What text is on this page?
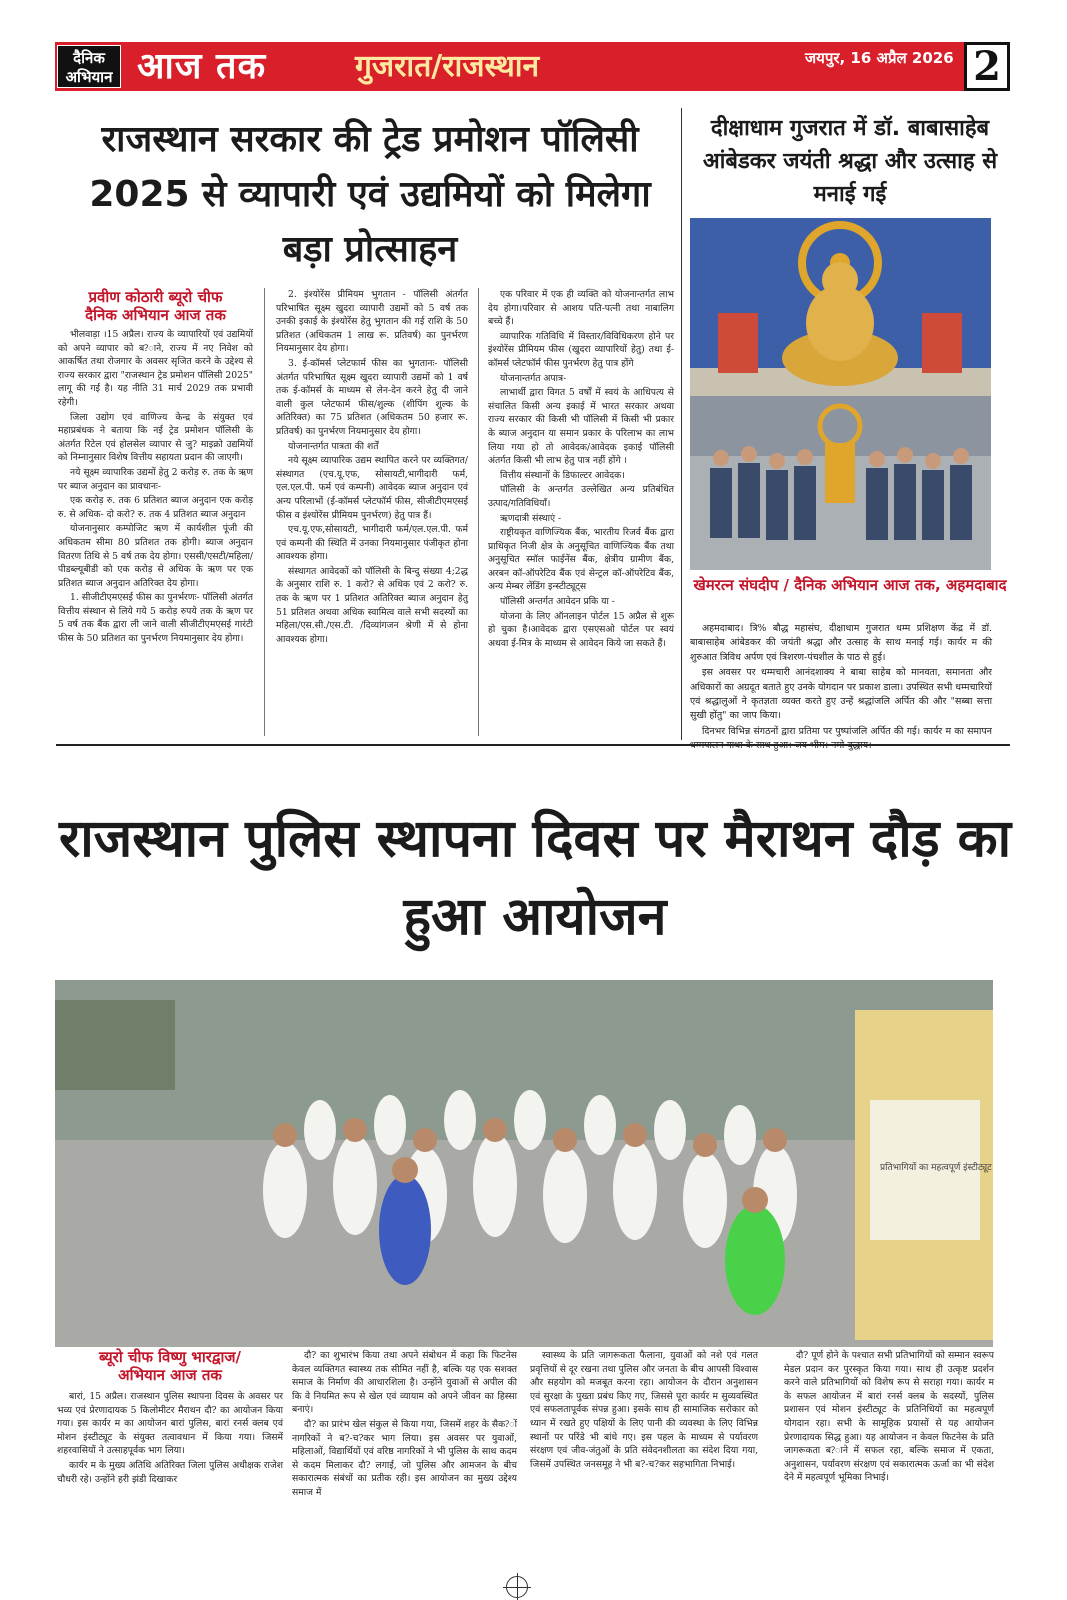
दैनिक
अभियान आज तक	गुजरात/राजस्थान	जयपुर, 16 अप्रैल 2026 2
राजस्थान सरकार की ट्रेड प्रमोशन पॉलिसी 2025 से व्यापारी एवं उद्यमियों को मिलेगा बड़ा प्रोत्साहन
प्रवीण कोठारी ब्यूरो चीफ
दैनिक अभियान आज तक

भीलवाड़ा ।15 अप्रैल। राज्य के व्यापारियों एवं उद्यमियों को अपने व्यापार को ब?ाने, राज्य में नए निवेश को आकर्षित तथा रोजगार के अवसर सृजित करने के उद्देश्य से राज्य सरकार द्वारा "राजस्थान ट्रेड प्रमोशन पॉलिसी 2025" लागू की गई है। यह नीति 31 मार्च 2029 तक प्रभावी रहेगी।

जिला उद्योग एवं वाणिज्य केन्द्र के संयुक्त एवं महाप्रबंधक ने बताया कि नई ट्रेड प्रमोशन पॉलिसी के अंतर्गत रिटेल एवं होलसेल व्यापार से जु? माइक्रो उद्यमियों को निम्नानुसार विशेष वित्तीय सहायता प्रदान की जाएगी।

नये सूक्ष्म व्यापारिक उद्यमों हेतु 2 करोड़ रु. तक के ऋण पर ब्याज अनुदान का प्रावधानः-

एक करोड़ रु. तक 6 प्रतिशत ब्याज अनुदान एक करोड़ रु. से अधिक- दो करो? रु. तक 4 प्रतिशत ब्याज अनुदान

योजनानुसार कम्पोजिट ऋण में कार्यशील पूंजी की अधिकतम सीमा 80 प्रतिशत तक होगी। ब्याज अनुदान वितरण तिथि से 5 वर्ष तक देय होगा। एससी/एसटी/महिला/पीडब्ल्यूबीडी को एक करोड़ से अधिक के ऋण पर एक प्रतिशत ब्याज अनुदान अतिरिक्त देय होगा।

1. सीजीटीएमएसई फीस का पुनर्भरणः- पॉलिसी अंतर्गत वित्तीय संस्थान से लिये गये 5 करोड़ रुपये तक के ऋण पर 5 वर्ष तक बैंक द्वारा ली जाने वाली सीजीटीएमएसई गारंटी फीस के 50 प्रतिशत का पुनर्भरण नियमानुसार देय होगा।

2. इंश्योरेंस प्रीमियम भुगतान - पॉलिसी अंतर्गत परिभाषित सूक्ष्म खुदरा व्यापारी उद्यमों को 5 वर्ष तक उनकी इकाई के इंश्योरेंस हेतु भुगतान की गई राशि के 50 प्रतिशत (अधिकतम 1 लाख रू. प्रतिवर्ष) का पुनर्भरण नियमानुसार देय होगा।

3. ई-कॉमर्स प्लेटफार्म फीस का भुगतानः- पॉलिसी अंतर्गत परिभाषित सूक्ष्म खुदरा व्यापारी उद्यमों को 1 वर्ष तक ई-कॉमर्स के माध्यम से लेन-देन करने हेतु दी जाने वाली कुल प्लेटफार्म फीस/शुल्क (शीपिंग शुल्क के अतिरिक्त) का 75 प्रतिशत (अधिकतम 50 हजार रू. प्रतिवर्ष) का पुनर्भरण नियमानुसार देय होगा।

योजनान्तर्गत पात्रता की शर्तें

नये सूक्ष्म व्यापारिक उद्यम स्थापित करने पर व्यक्तिगत/संस्थागत (एच.यू.एफ, सोसायटी,भागीदारी फर्म, एल.एल.पी. फर्म एवं कम्पनी) आवेदक ब्याज अनुदान एवं अन्य परिलाभों (ई-कॉमर्स प्लेटफॉर्म फीस, सीजीटीएमएसई फीस व इंश्योरेंस प्रीमियम पुनर्भरण) हेतु पात्र हैं।

एच.यू.एफ,सोसायटी, भागीदारी फर्म/एल.एल.पी. फर्म एवं कम्पनी की स्थिति में उनका नियमानुसार पंजीकृत होना आवश्यक होगा।

संस्थागत आवेदकों को पॉलिसी के बिन्दु संख्या 4;2द्ध के अनुसार राशि रु. 1 करो? से अधिक एवं 2 करो? रु. तक के ऋण पर 1 प्रतिशत अतिरिक्त ब्याज अनुदान हेतु 51 प्रतिशत अथवा अधिक स्वामित्व वाले सभी सदस्यों का महिला/एस.सी./एस.टी. /दिव्यांगजन श्रेणी में से होना आवश्यक होगा।

एक परिवार में एक ही व्यक्ति को योजनान्तर्गत लाभ देय होगा।परिवार से आशय पति-पत्नी तथा नाबालिग बच्चे हैं।

व्यापारिक गतिविधि में विस्तार/विविधिकरण होने पर इंश्योरेंस प्रीमियम फीस (खुदरा व्यापारियों हेतु) तथा ई-कॉमर्स प्लेटफॉर्म फीस पुनर्भरण हेतु पात्र होंगे

योजनान्तर्गत अपात्र-

लाभार्थी द्वारा विगत 5 वर्षों में स्वयं के आधिपत्य से संचालित किसी अन्य इकाई में भारत सरकार अथवा राज्य सरकार की किसी भी पॉलिसी में किसी भी प्रकार के ब्याज अनुदान या समान प्रकार के परिलाभ का लाभ लिया गया हो तो आवेदक/आवेदक इकाई पॉलिसी अंतर्गत किसी भी लाभ हेतु पात्र नहीं होंगे ।

वित्तीय संस्थानों के डिफाल्टर आवेदक।

पॉलिसी के अन्तर्गत उल्लेखित अन्य प्रतिबंधित उत्पाद/गतिविधियाँ।

ऋणदात्री संस्थाएं -

राष्ट्रीयकृत वाणिज्यिक बैंक, भारतीय रिजर्व बैंक द्वारा प्राधिकृत निजी क्षेत्र के अनुसूचित वाणिज्यिक बैंक तथा अनुसूचित स्मॉल फाईनेंस बैंक, क्षेत्रीय ग्रामीण बैंक, अरबन कॉ-ऑपरेटिव बैंक एवं सेन्ट्रल कॉ-ऑपरेटिव बैंक, अन्य मेम्बर लेंडिंग इन्स्टीट्यूट्स

पॉलिसी अन्तर्गत आवेदन प्रकि या -

योजना के लिए ऑनलाइन पोर्टल 15 अप्रैल से शुरू हो चुका है।आवेदक द्वारा एसएसओ पोर्टल पर स्वयं अथवा ई-मित्र के माध्यम से आवेदन किये जा सकते हैं।

दीक्षाधाम गुजरात में डॉ. बाबासाहेब आंबेडकर जयंती श्रद्धा और उत्साह से मनाई गई
खेमरत्न संघदीप / दैनिक अभियान आज तक, अहमदाबाद

अहमदाबाद। त्रि% बौद्ध महासंघ, दीक्षाधाम गुजरात धम्म प्रशिक्षण केंद्र में डॉ. बाबासाहेब आंबेडकर की जयंती श्रद्धा और उत्साह के साथ मनाई गई। कार्यर म की शुरुआत त्रिविध अर्पण एवं त्रिशरण-पंचशील के पाठ से हुई।

इस अवसर पर धम्मचारी आनंदशाक्य ने बाबा साहेब को मानवता, समानता और अधिकारों का अग्रदूत बताते हुए उनके योगदान पर प्रकाश डाला। उपस्थित सभी धम्मचारियों एवं श्रद्धालुओं ने कृतज्ञता व्यक्त करते हुए उन्हें श्रद्धांजलि अर्पित की और "सब्बा सत्ता सुखी होंतु" का जाप किया।

दिनभर विभिन्न संगठनों द्वारा प्रतिमा पर पुष्पांजलि अर्पित की गई। कार्यर म का समापन

राजस्थान पुलिस स्थापना दिवस पर मैराथन दौड़ का हुआ आयोजन
प्रतिभागियों का महत्वपूर्ण इंस्टीट्यूट
ब्यूरो चीफ विष्णु भारद्वाज/
अभियान आज तक

बारां, 15 अप्रैल। राजस्थान पुलिस स्थापना दिवस के अवसर पर भव्य एवं प्रेरणादायक 5 किलोमीटर मैराथन दौ? का आयोजन किया गया। इस कार्यर म का आयोजन बारां पुलिस, बारां रनर्स क्लब एवं मोशन इंस्टीट्यूट के संयुक्त तत्वावधान में किया गया। जिसमें शहरवासियों ने उत्साहपूर्वक भाग लिया।

कार्यर म के मुख्य अतिथि अतिरिक्त जिला पुलिस अधीक्षक राजेश चौधरी रहे। उन्होंने हरी झंडी दिखाकर

दौ? का शुभारंभ किया तथा अपने संबोधन में कहा कि फिटनेस केवल व्यक्तिगत स्वास्थ्य तक सीमित नहीं है, बल्कि यह एक सशक्त समाज के निर्माण की आधारशिला है। उन्होंने युवाओं से अपील की कि वे नियमित रूप से खेल एवं व्यायाम को अपने जीवन का हिस्सा बनाएं।

दौ? का प्रारंभ खेल संकुल से किया गया, जिसमें शहर के सैक?ों नागरिकों ने ब?-च?कर भाग लिया। इस अवसर पर युवाओं, महिलाओं, विद्यार्थियों एवं वरिष्ठ नागरिकों ने भी पुलिस के साथ कदम से कदम मिलाकर दौ? लगाई, जो पुलिस और आमजन के बीच सकारात्मक संबंधों का प्रतीक रही। इस आयोजन का मुख्य उद्देश्य समाज में

स्वास्थ्य के प्रति जागरूकता फैलाना, युवाओं को नशे एवं गलत प्रवृत्तियों से दूर रखना तथा पुलिस और जनता के बीच आपसी विश्वास और सहयोग को मजबूत करना रहा। आयोजन के दौरान अनुशासन एवं सुरक्षा के पुख्ता प्रबंध किए गए, जिससे पूरा कार्यर म सुव्यवस्थित एवं सफलतापूर्वक संपन्न हुआ। इसके साथ ही सामाजिक सरोकार को ध्यान में रखते हुए पक्षियों के लिए पानी की व्यवस्था के लिए विभिन्न स्थानों पर परिंडे भी बांधे गए। इस पहल के माध्यम से पर्यावरण संरक्षण एवं जीव-जंतुओं के प्रति संवेदनशीलता का संदेश दिया गया, जिसमें उपस्थित जनसमूह ने भी ब?-च?कर सहभागिता निभाई।

दौ? पूर्ण होने के पश्चात सभी प्रतिभागियों को सम्मान स्वरूप मेडल प्रदान कर पुरस्कृत किया गया। साथ ही उत्कृष्ट प्रदर्शन करने वाले प्रतिभागियों को विशेष रूप से सराहा गया। कार्यर म के सफल आयोजन में बारां रनर्स क्लब के सदस्यों, पुलिस प्रशासन एवं मोशन इंस्टीट्यूट के प्रतिनिधियों का महत्वपूर्ण योगदान रहा। सभी के सामूहिक प्रयासों से यह आयोजन प्रेरणादायक सिद्ध हुआ। यह आयोजन न केवल फिटनेस के प्रति जागरूकता ब?ाने में सफल रहा, बल्कि समाज में एकता, अनुशासन, पर्यावरण संरक्षण एवं सकारात्मक ऊर्जा का भी संदेश देने में महत्वपूर्ण भूमिका निभाई।
